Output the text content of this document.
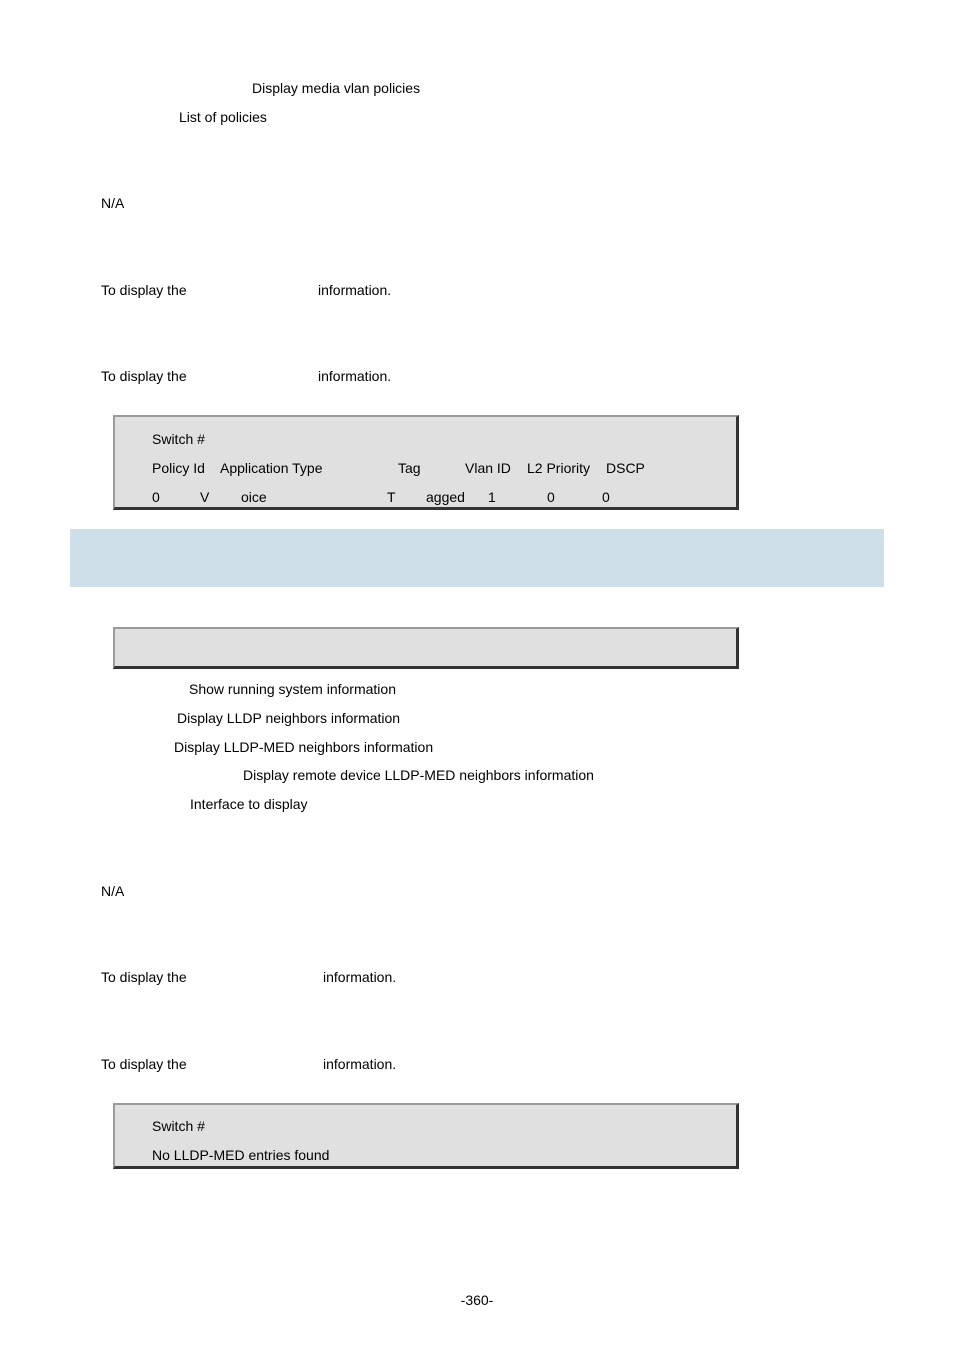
Display media vlan policies
List of policies
N/A
To display the	information.
To display the	information.
Switch #
Policy Id Application Type	Tag	Vlan ID L2 Priority DSCP
0	V oice	T agged 1	0	0
Show running system information
Display LLDP neighbors information
Display LLDP-MED neighbors information
Display remote device LLDP-MED neighbors information
Interface to display
N/A
To display the	information.
To display the	information.
Switch #
No LLDP-MED entries found
-360-
